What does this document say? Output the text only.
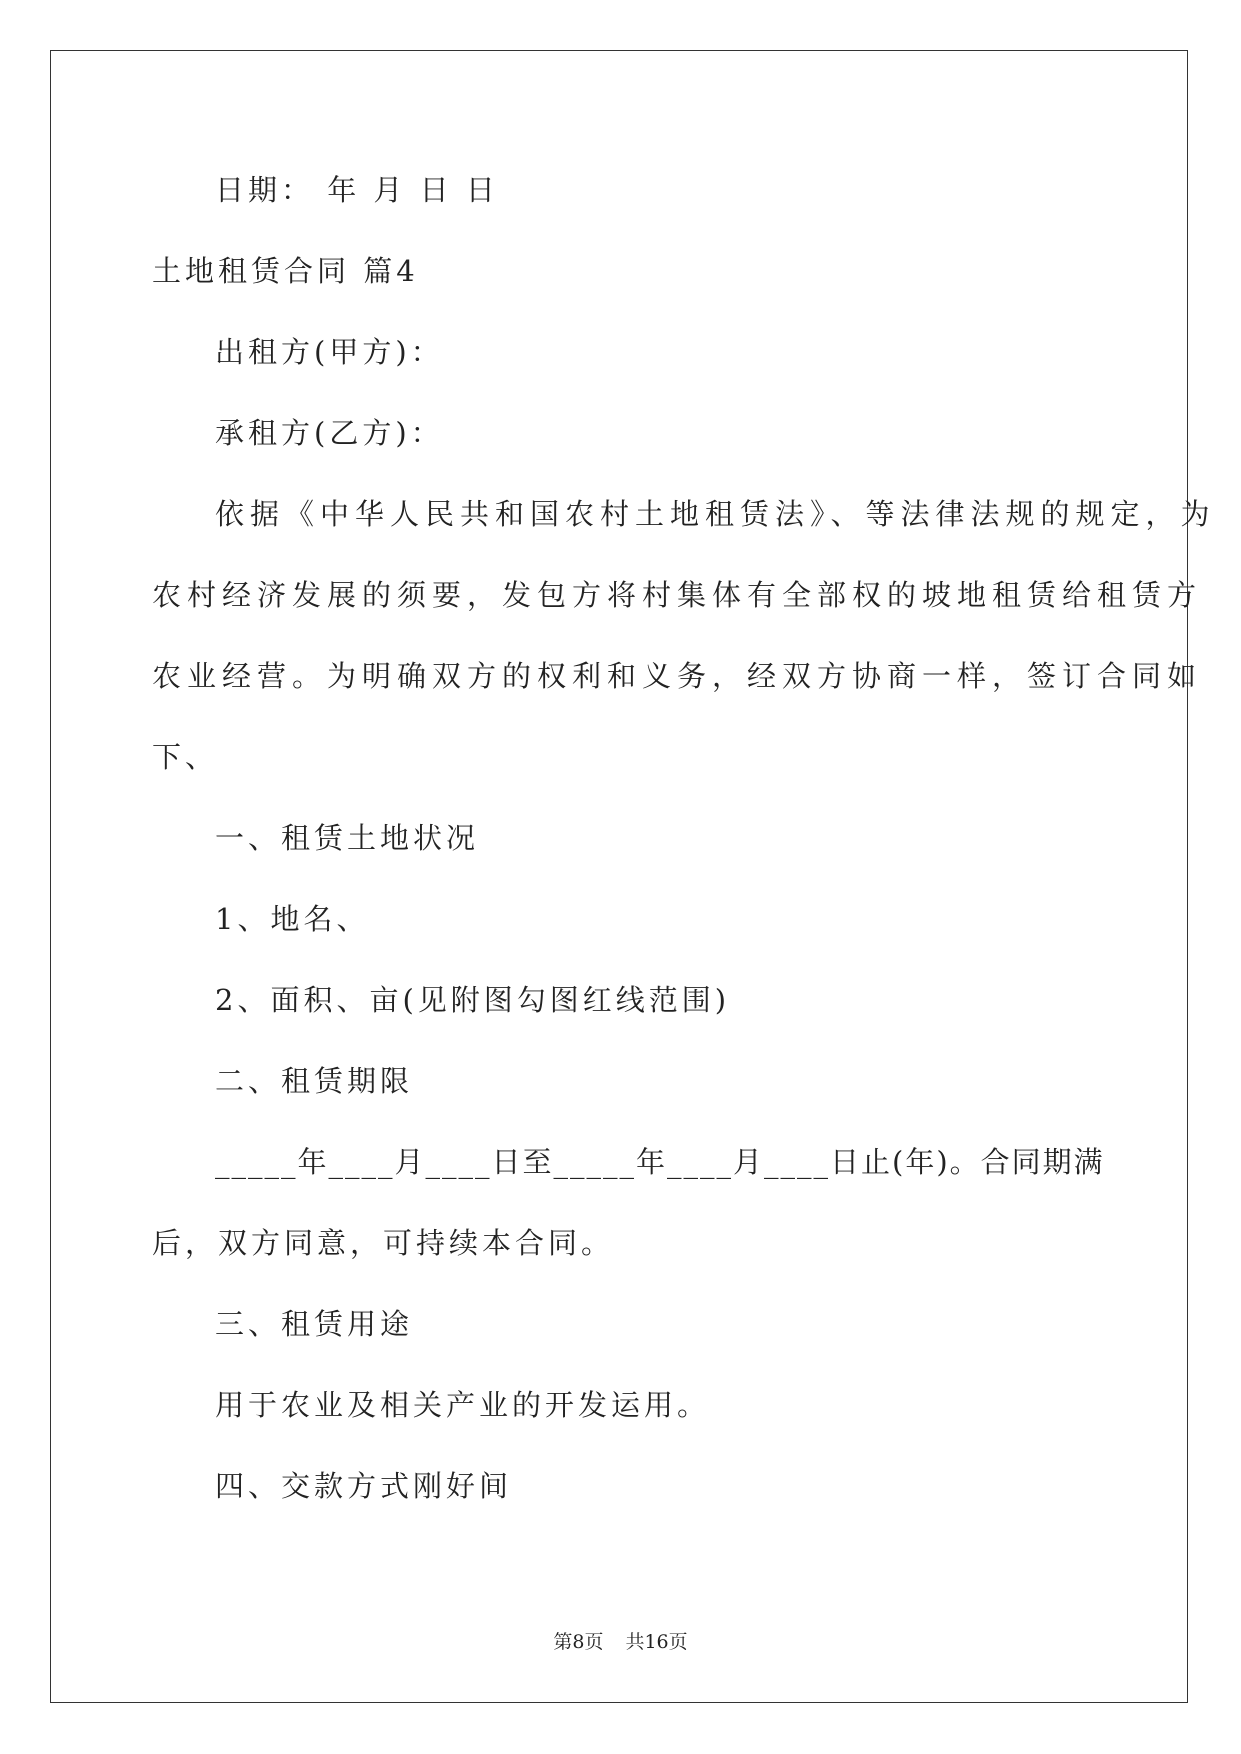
日期： 年 月 日 日
土地租赁合同 篇4
出租方(甲方)：
承租方(乙方)：
依据《中华人民共和国农村土地租赁法》、等法律法规的规定，为
农村经济发展的须要，发包方将村集体有全部权的坡地租赁给租赁方
农业经营。为明确双方的权利和义务，经双方协商一样，签订合同如
下、
一、租赁土地状况
1、地名、
2、面积、亩(见附图勾图红线范围)
二、租赁期限
_____年____月____日至_____年____月____日止(年)。合同期满
后，双方同意，可持续本合同。
三、租赁用途
用于农业及相关产业的开发运用。
四、交款方式刚好间
第8页 共16页
